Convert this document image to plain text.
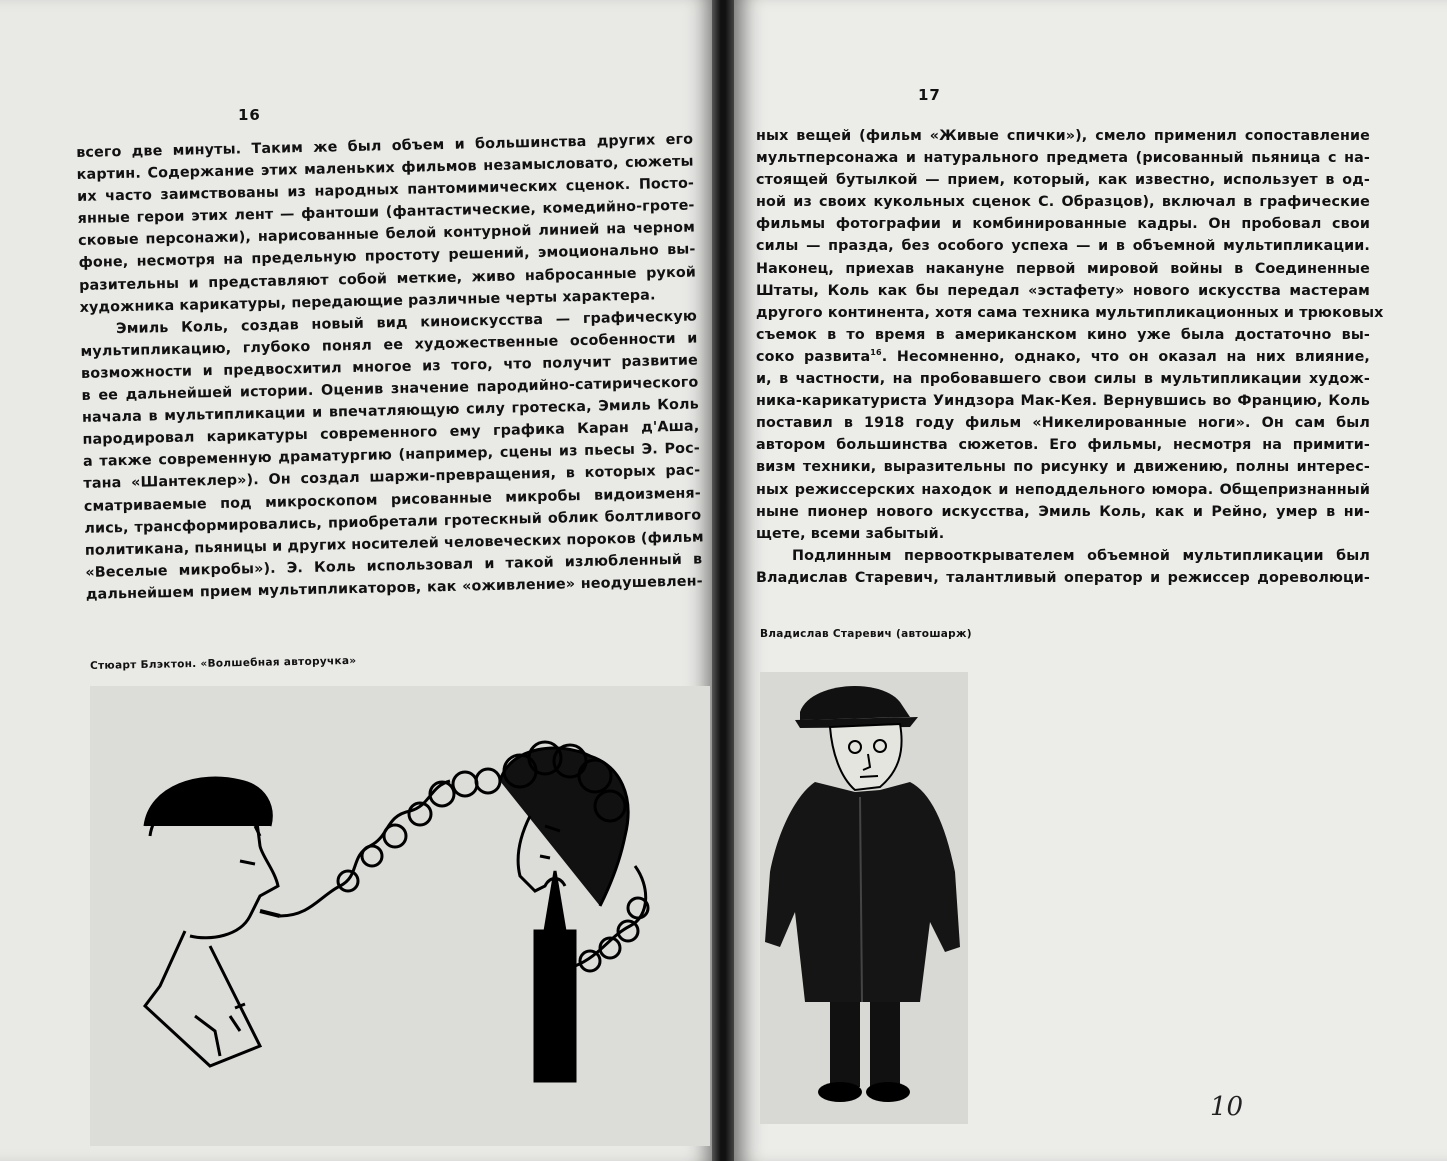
16
всего две минуты. Таким же был объем и большинства других его
картин. Содержание этих маленьких фильмов незамысловато, сюжеты
их часто заимствованы из народных пантомимических сценок. Посто-
янные герои этих лент — фантоши (фантастические, комедийно-гроте-
сковые персонажи), нарисованные белой контурной линией на черном
фоне, несмотря на предельную простоту решений, эмоционально вы-
разительны и представляют собой меткие, живо набросанные рукой
художника карикатуры, передающие различные черты характера.
Эмиль Коль, создав новый вид киноискусства — графическую
мультипликацию, глубоко понял ее художественные особенности и
возможности и предвосхитил многое из того, что получит развитие
в ее дальнейшей истории. Оценив значение пародийно-сатирического
начала в мультипликации и впечатляющую силу гротеска, Эмиль Коль
пародировал карикатуры современного ему графика Каран д'Аша,
а также современную драматургию (например, сцены из пьесы Э. Рос-
тана «Шантеклер»). Он создал шаржи-превращения, в которых рас-
сматриваемые под микроскопом рисованные микробы видоизменя-
лись, трансформировались, приобретали гротескный облик болтливого
политикана, пьяницы и других носителей человеческих пороков (фильм
«Веселые микробы»). Э. Коль использовал и такой излюбленный в
дальнейшем прием мультипликаторов, как «оживление» неодушевлен-
Стюарт Блэктон. «Волшебная авторучка»
17
ных вещей (фильм «Живые спички»), смело применил сопоставление
мультперсонажа и натурального предмета (рисованный пьяница с на-
стоящей бутылкой — прием, который, как известно, использует в од-
ной из своих кукольных сценок С. Образцов), включал в графические
фильмы фотографии и комбинированные кадры. Он пробовал свои
силы — праздa, без особого успеха — и в объемной мультипликации.
Наконец, приехав накануне первой мировой войны в Соединенные
Штаты, Коль как бы передал «эстафету» нового искусства мастерам
другого континента, хотя сама техника мультипликационных и трюковых
съемок в то время в американском кино уже была достаточно вы-
соко развита$^{16}$. Несомненно, однако, что он оказал на них влияние,
и, в частности, на пробовавшего свои силы в мультипликации худож-
ника-карикатуриста Уиндзора Мак-Кея. Вернувшись во Францию, Коль
поставил в 1918 году фильм «Никелированные ноги». Он сам был
автором большинства сюжетов. Его фильмы, несмотря на примити-
визм техники, выразительны по рисунку и движению, полны интерес-
ных режиссерских находок и неподдельного юмора. Общепризнанный
ныне пионер нового искусства, Эмиль Коль, как и Рейно, умер в ни-
щете, всеми забытый.
Подлинным первооткрывателем объемной мультипликации был
Владислав Старевич, талантливый оператор и режиссер дореволюци-
Владислав Старевич (автошарж)
10
